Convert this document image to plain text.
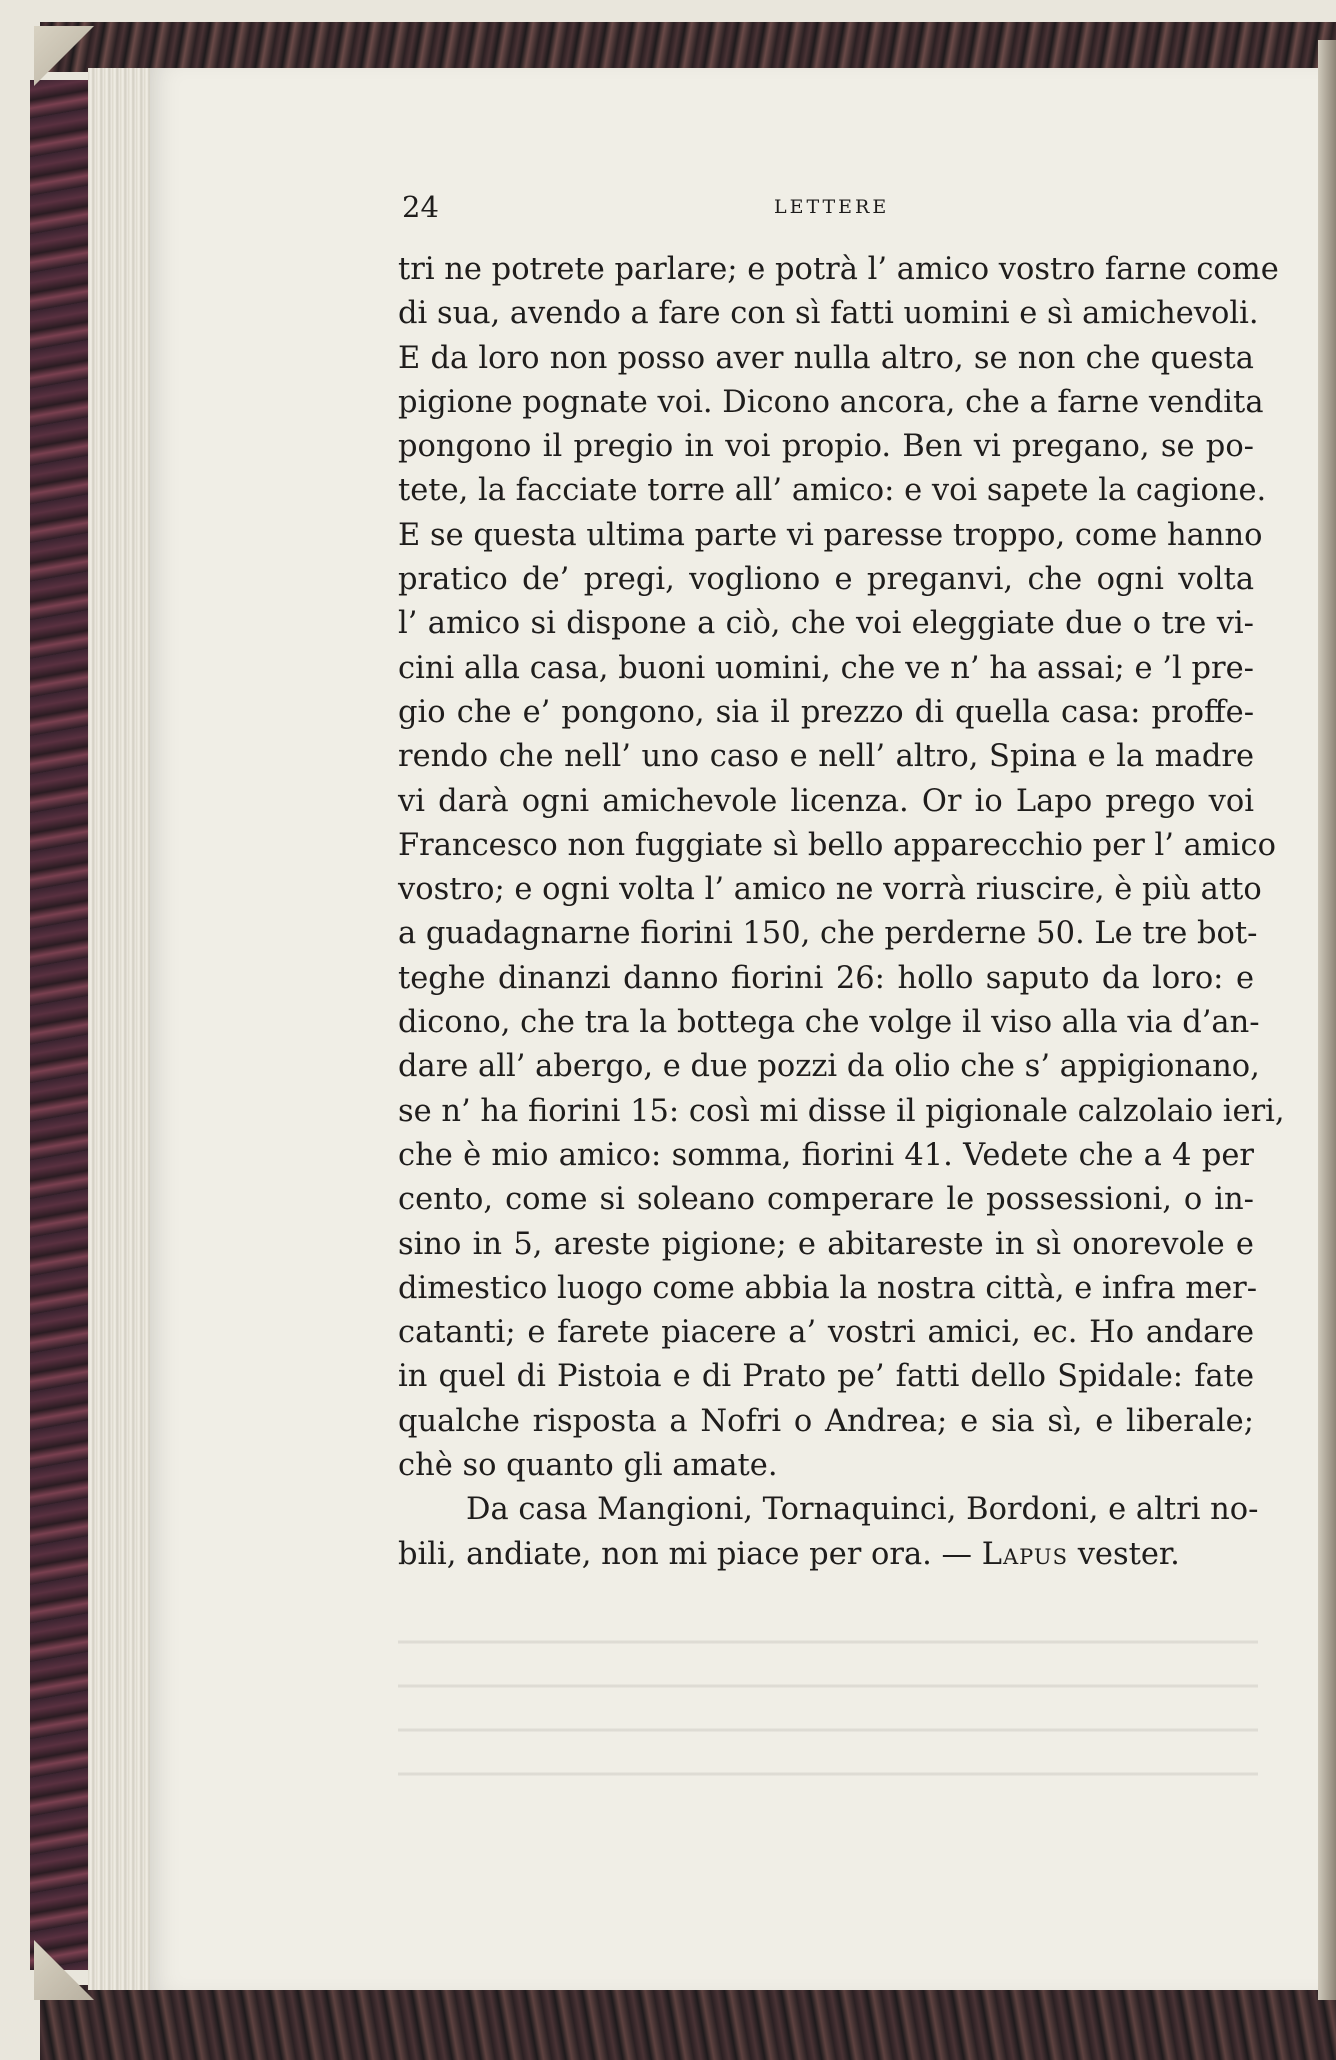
24	LETTERE
tri ne potrete parlare; e potrà l’ amico vostro farne come
di sua, avendo a fare con sì fatti uomini e sì amichevoli.
E da loro non posso aver nulla altro, se non che questa
pigione pognate voi. Dicono ancora, che a farne vendita
pongono il pregio in voi propio. Ben vi pregano, se po-
tete, la facciate torre all’ amico: e voi sapete la cagione.
E se questa ultima parte vi paresse troppo, come hanno
pratico de’ pregi, vogliono e preganvi, che ogni volta
l’ amico si dispone a ciò, che voi eleggiate due o tre vi-
cini alla casa, buoni uomini, che ve n’ ha assai; e ’l pre-
gio che e’ pongono, sia il prezzo di quella casa: proffe-
rendo che nell’ uno caso e nell’ altro, Spina e la madre
vi darà ogni amichevole licenza. Or io Lapo prego voi
Francesco non fuggiate sì bello apparecchio per l’ amico
vostro; e ogni volta l’ amico ne vorrà riuscire, è più atto
a guadagnarne fiorini 150, che perderne 50. Le tre bot-
teghe dinanzi danno fiorini 26: hollo saputo da loro: e
dicono, che tra la bottega che volge il viso alla via d’an-
dare all’ abergo, e due pozzi da olio che s’ appigionano,
se n’ ha fiorini 15: così mi disse il pigionale calzolaio ieri,
che è mio amico: somma, fiorini 41. Vedete che a 4 per
cento, come si soleano comperare le possessioni, o in-
sino in 5, areste pigione; e abitareste in sì onorevole e
dimestico luogo come abbia la nostra città, e infra mer-
catanti; e farete piacere a’ vostri amici, ec. Ho andare
in quel di Pistoia e di Prato pe’ fatti dello Spidale: fate
qualche risposta a Nofri o Andrea; e sia sì, e liberale;
chè so quanto gli amate.
Da casa Mangioni, Tornaquinci, Bordoni, e altri no-
bili, andiate, non mi piace per ora. — Lapus vester.
